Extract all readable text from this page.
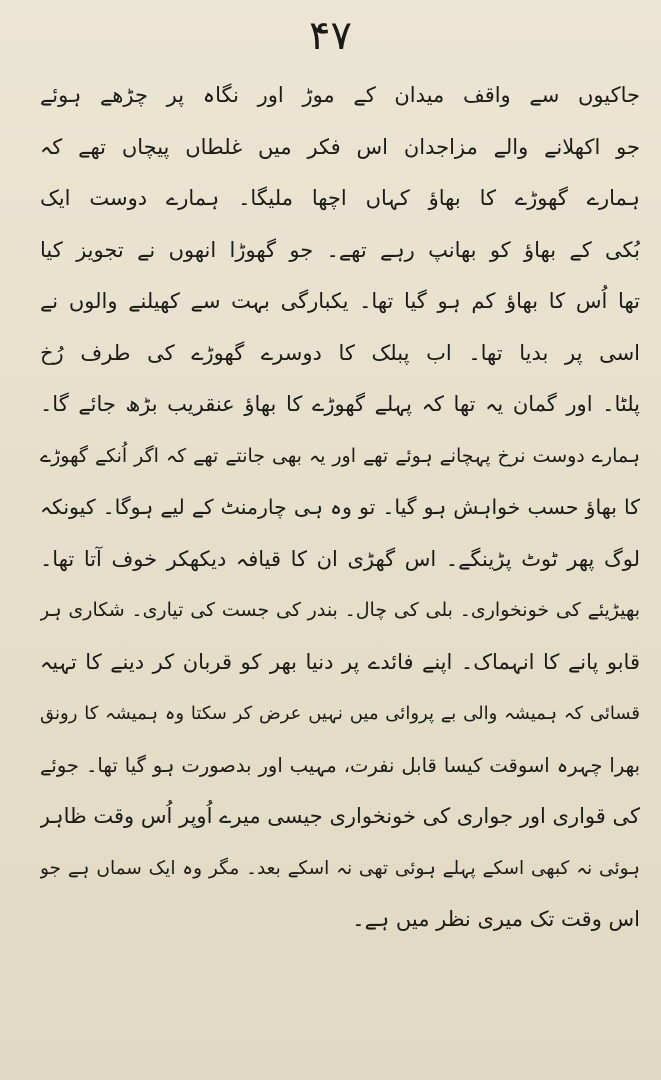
۴۷
جاکیوں سے واقف میدان کے موڑ اور نگاہ پر چڑھے ہوئے
جو اکھلانے والے مزاجدان اس فکر میں غلطاں پیچاں تھے کہ
ہمارے گھوڑے کا بھاؤ کہاں اچھا ملیگا۔ ہمارے دوست ایک
بُکی کے بھاؤ کو بھانپ رہے تھے۔ جو گھوڑا انھوں نے تجویز کیا
تھا اُس کا بھاؤ کم ہو گیا تھا۔ یکبارگی بہت سے کھیلنے والوں نے
اسی پر بدیا تھا۔ اب پبلک کا دوسرے گھوڑے کی طرف رُخ
پلٹا۔ اور گمان یہ تھا کہ پہلے گھوڑے کا بھاؤ عنقریب بڑھ جائے گا۔
ہمارے دوست نرخ پہچانے ہوئے تھے اور یہ بھی جانتے تھے کہ اگر اُنکے گھوڑے
کا بھاؤ حسب خواہش ہو گیا۔ تو وہ ہی چارمنٹ کے لیے ہوگا۔ کیونکہ
لوگ پھر ٹوٹ پڑینگے۔ اس گھڑی ان کا قیافہ دیکھکر خوف آتا تھا۔
بھیڑیئے کی خونخواری۔ بلی کی چال۔ بندر کی جست کی تیاری۔ شکاری ہر
قابو پانے کا انہماک۔ اپنے فائدے پر دنیا بھر کو قربان کر دینے کا تہیہ
قسائی کہ ہمیشہ والی بے پروائی میں نہیں عرض کر سکتا وہ ہمیشہ کا رونق
بھرا چہرہ اسوقت کیسا قابل نفرت، مہیب اور بدصورت ہو گیا تھا۔ جوئے
کی قواری اور جواری کی خونخواری جیسی میرے اُوپر اُس وقت ظاہر
ہوئی نہ کبھی اسکے پہلے ہوئی تھی نہ اسکے بعد۔ مگر وہ ایک سماں ہے جو
اس وقت تک میری نظر میں ہے۔
